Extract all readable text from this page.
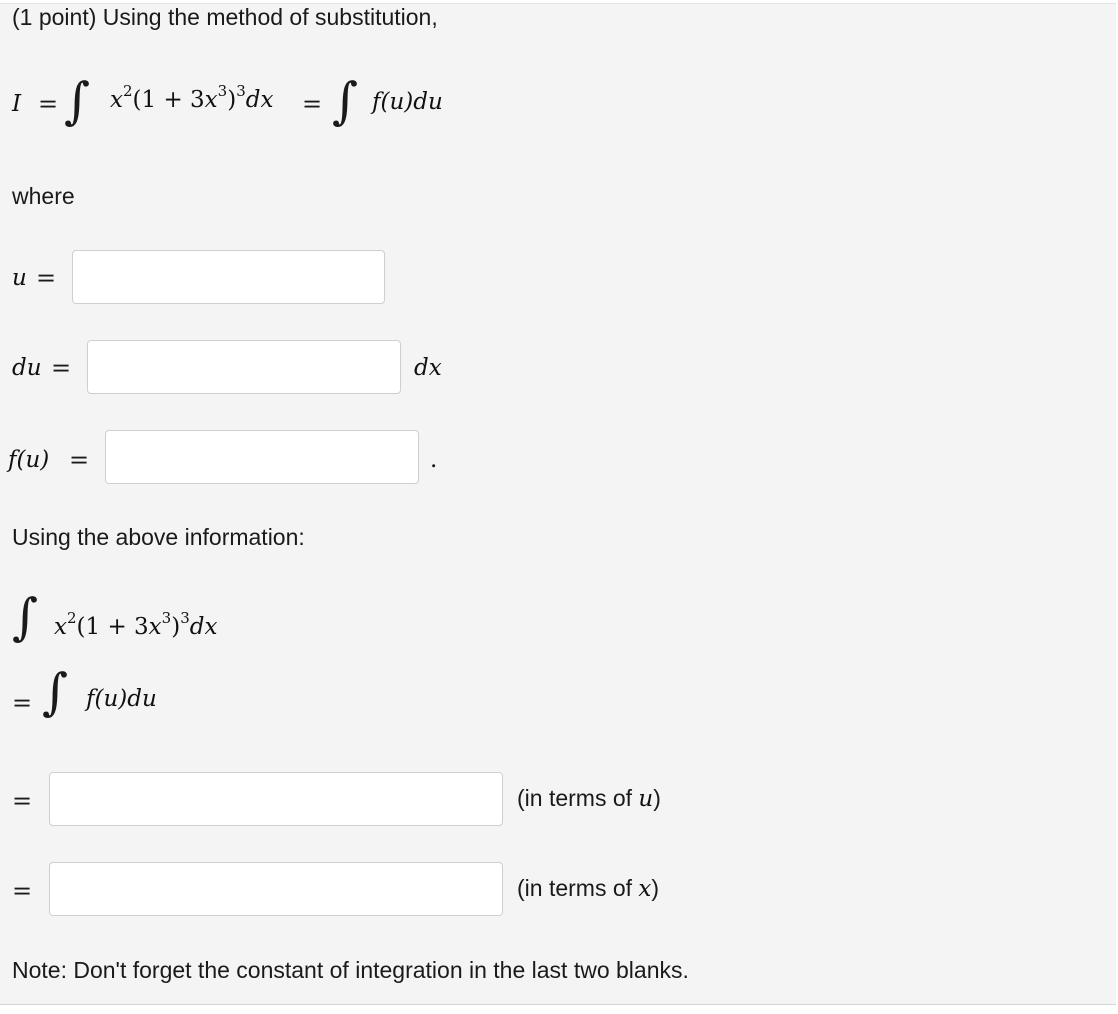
(1 point) Using the method of substitution,
I = ∫ $x^2(1 + 3x^3)^3dx$ = ∫ f(u)du
where
u =
du =	dx
f(u) =	.
Using the above information:
∫ $x^2(1 + 3x^3)^3dx$
= ∫ f(u)du
=	(in terms of u)
=	(in terms of x)
Note: Don't forget the constant of integration in the last two blanks.
